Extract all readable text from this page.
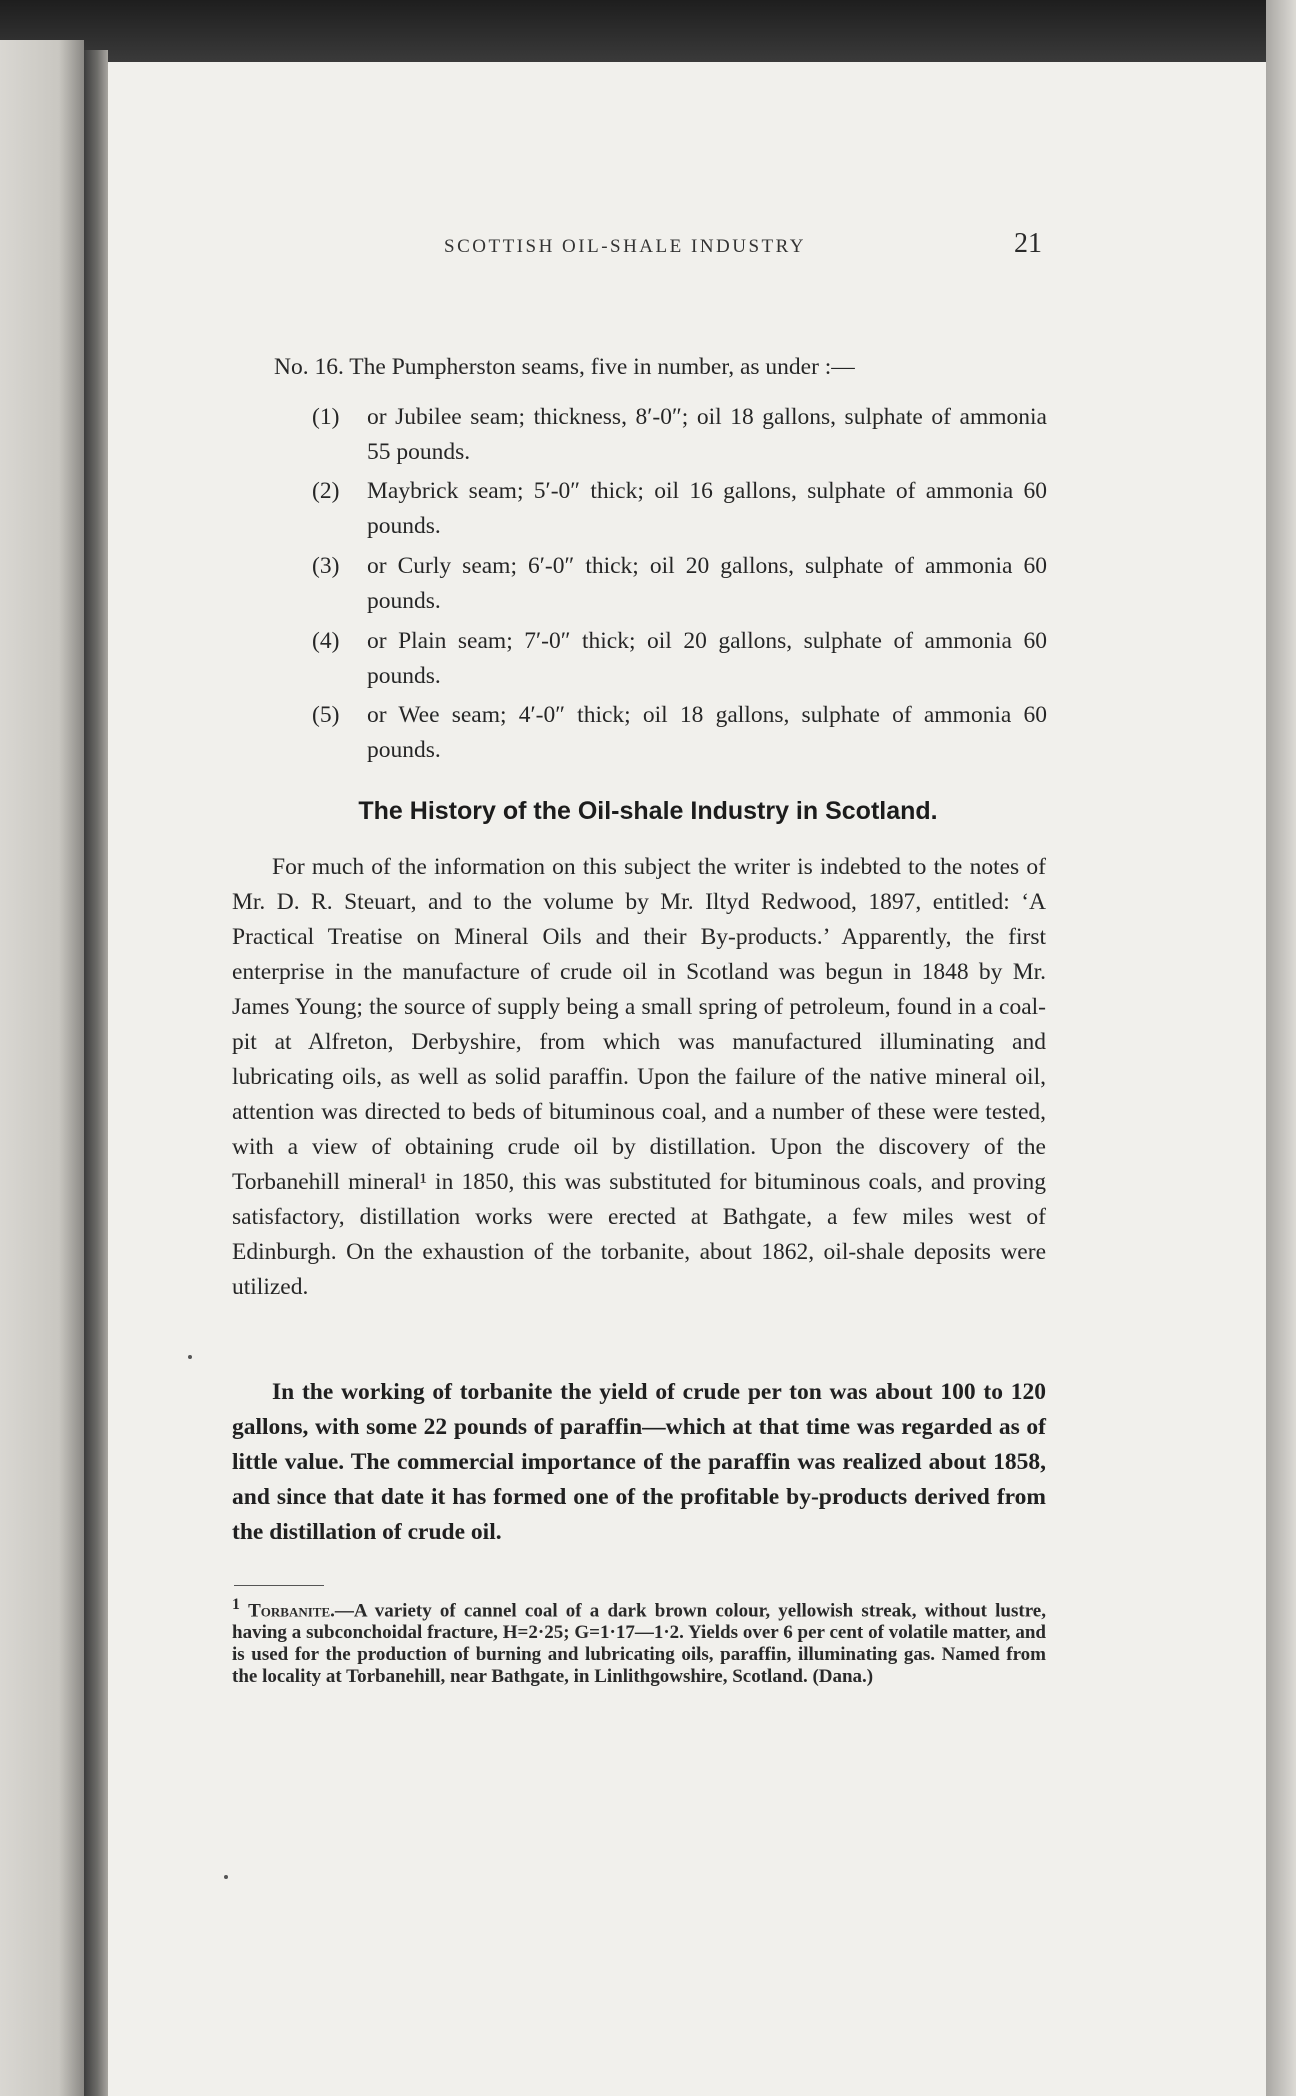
SCOTTISH OIL-SHALE INDUSTRY	21
No. 16. The Pumpherston seams, five in number, as under :—
(1) or Jubilee seam; thickness, 8′-0″; oil 18 gallons, sulphate of ammonia 55 pounds.
(2) Maybrick seam; 5′-0″ thick; oil 16 gallons, sulphate of ammonia 60 pounds.
(3) or Curly seam; 6′-0″ thick; oil 20 gallons, sulphate of ammonia 60 pounds.
(4) or Plain seam; 7′-0″ thick; oil 20 gallons, sulphate of ammonia 60 pounds.
(5) or Wee seam; 4′-0″ thick; oil 18 gallons, sulphate of ammonia 60 pounds.
The History of the Oil-shale Industry in Scotland.

For much of the information on this subject the writer is indebted to the notes of Mr. D. R. Steuart, and to the volume by Mr. Iltyd Redwood, 1897, entitled: ‘A Practical Treatise on Mineral Oils and their By-products.’ Apparently, the first enterprise in the manufacture of crude oil in Scotland was begun in 1848 by Mr. James Young; the source of supply being a small spring of petroleum, found in a coal-pit at Alfreton, Derbyshire, from which was manufactured illuminating and lubricating oils, as well as solid paraffin. Upon the failure of the native mineral oil, attention was directed to beds of bituminous coal, and a number of these were tested, with a view of obtaining crude oil by distillation. Upon the discovery of the Torbanehill mineral¹ in 1850, this was substituted for bituminous coals, and proving satisfactory, distillation works were erected at Bathgate, a few miles west of Edinburgh. On the exhaustion of the torbanite, about 1862, oil-shale deposits were utilized.

In the working of torbanite the yield of crude per ton was about 100 to 120 gallons, with some 22 pounds of paraffin—which at that time was regarded as of little value. The commercial importance of the paraffin was realized about 1858, and since that date it has formed one of the profitable by-products derived from the distillation of crude oil.

$^1$ Torbanite.—A variety of cannel coal of a dark brown colour, yellowish streak, without lustre, having a subconchoidal fracture, H=2·25; G=1·17—1·2. Yields over 6 per cent of volatile matter, and is used for the production of burning and lubricating oils, paraffin, illuminating gas. Named from the locality at Torbanehill, near Bathgate, in Linlithgowshire, Scotland. (Dana.)
